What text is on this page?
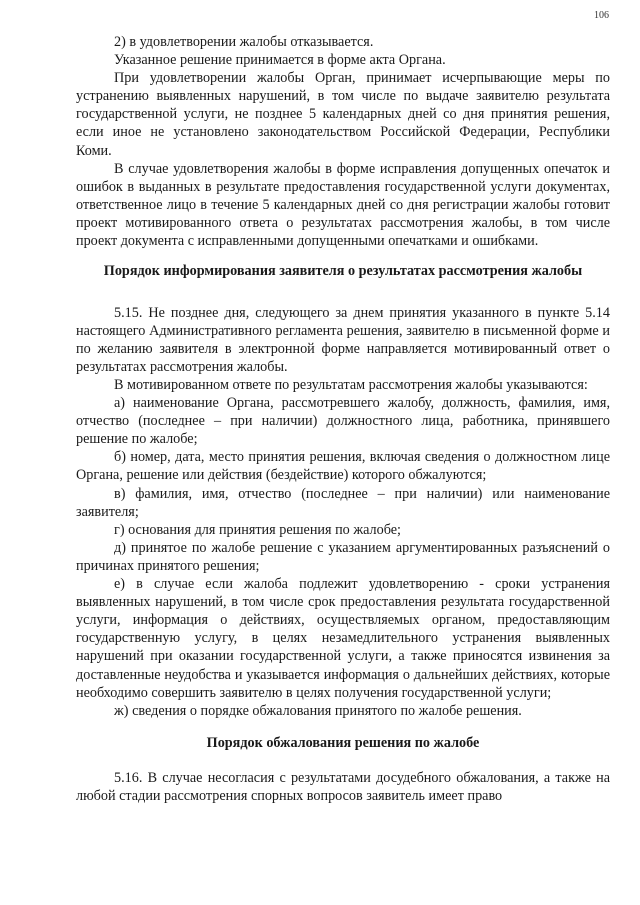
106

2) в удовлетворении жалобы отказывается.

Указанное решение принимается в форме акта Органа.

При удовлетворении жалобы Орган, принимает исчерпывающие меры по устранению выявленных нарушений, в том числе по выдаче заявителю результата государственной услуги, не позднее 5 календарных дней со дня принятия решения, если иное не установлено законодательством Российской Федерации, Республики Коми.

В случае удовлетворения жалобы в форме исправления допущенных опечаток и ошибок в выданных в результате предоставления государственной услуги документах, ответственное лицо в течение 5 календарных дней со дня регистрации жалобы готовит проект мотивированного ответа о результатах рассмотрения жалобы, в том числе проект документа с исправленными допущенными опечатками и ошибками.

Порядок информирования заявителя о результатах рассмотрения жалобы

5.15. Не позднее дня, следующего за днем принятия указанного в пункте 5.14 настоящего Административного регламента решения, заявителю в письменной форме и по желанию заявителя в электронной форме направляется мотивированный ответ о результатах рассмотрения жалобы.

В мотивированном ответе по результатам рассмотрения жалобы указываются:

а) наименование Органа, рассмотревшего жалобу, должность, фамилия, имя, отчество (последнее – при наличии) должностного лица, работника, принявшего решение по жалобе;

б) номер, дата, место принятия решения, включая сведения о должностном лице Органа, решение или действия (бездействие) которого обжалуются;

в) фамилия, имя, отчество (последнее – при наличии) или наименование заявителя;

г) основания для принятия решения по жалобе;

д) принятое по жалобе решение с указанием аргументированных разъяснений о причинах принятого решения;

е) в случае если жалоба подлежит удовлетворению - сроки устранения выявленных нарушений, в том числе срок предоставления результата государственной услуги, информация о действиях, осуществляемых органом, предоставляющим государственную услугу, в целях незамедлительного устранения выявленных нарушений при оказании государственной услуги, а также приносятся извинения за доставленные неудобства и указывается информация о дальнейших действиях, которые необходимо совершить заявителю в целях получения государственной услуги;

ж) сведения о порядке обжалования принятого по жалобе решения.

Порядок обжалования решения по жалобе

5.16. В случае несогласия с результатами досудебного обжалования, а также на любой стадии рассмотрения спорных вопросов заявитель имеет право
